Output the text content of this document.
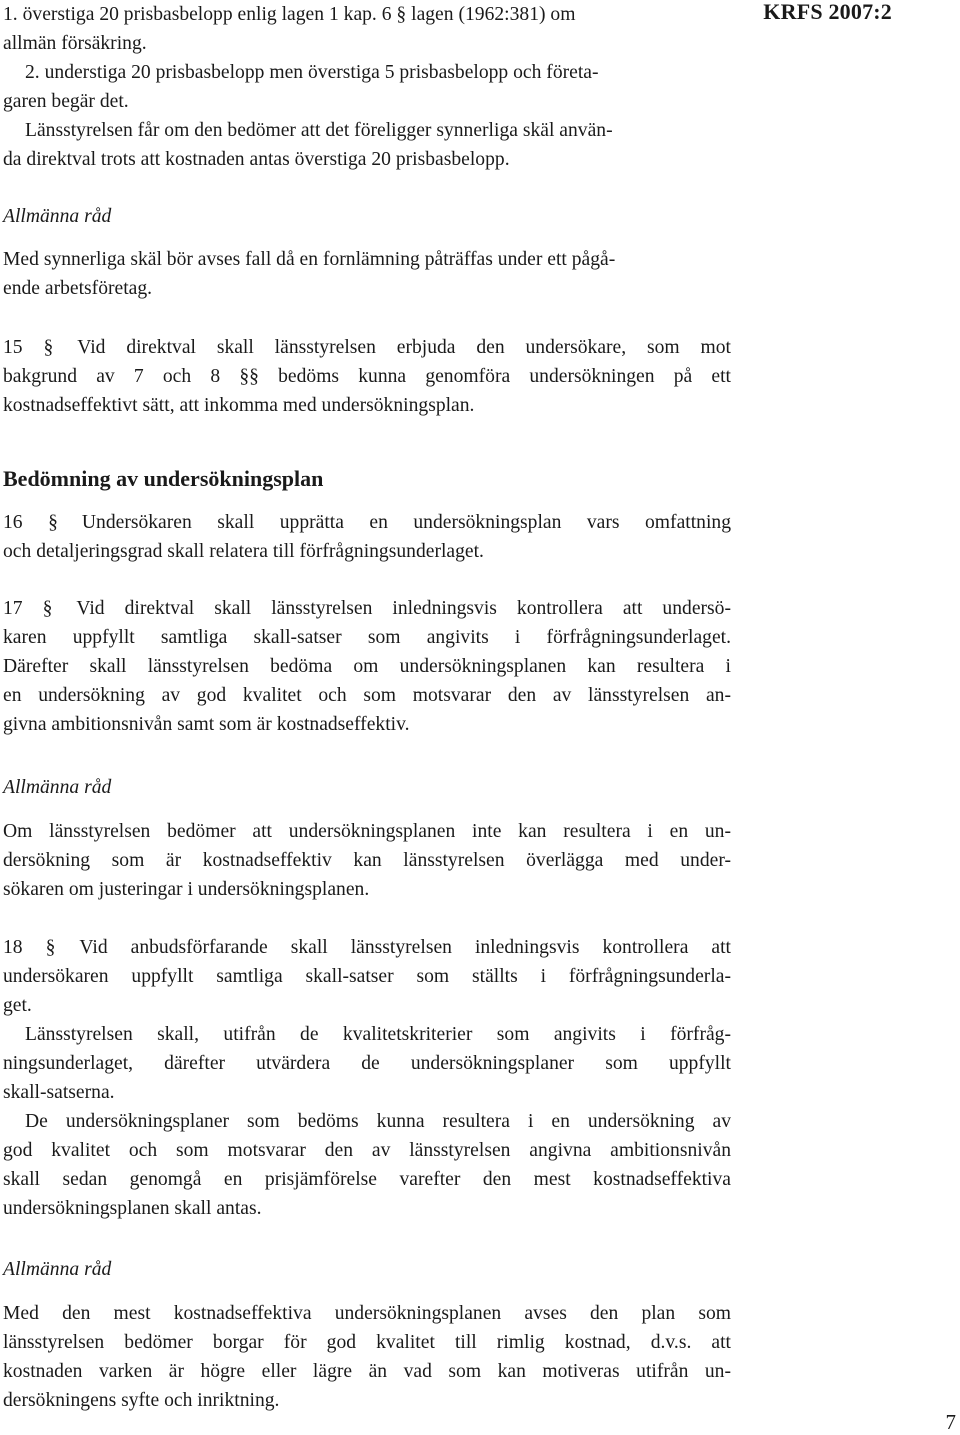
KRFS 2007:2
1. överstiga 20 prisbasbelopp enlig lagen 1 kap. 6 § lagen (1962:381) om
allmän försäkring.
2. understiga 20 prisbasbelopp men överstiga 5 prisbasbelopp och företa-
garen begär det.
Länsstyrelsen får om den bedömer att det föreligger synnerliga skäl använ-
da direktval trots att kostnaden antas överstiga 20 prisbasbelopp.
Allmänna råd
Med synnerliga skäl bör avses fall då en fornlämning påträffas under ett pågå-
ende arbetsföretag.
15 § Vid direktval skall länsstyrelsen erbjuda den undersökare, som mot
bakgrund av 7 och 8 §§ bedöms kunna genomföra undersökningen på ett
kostnadseffektivt sätt, att inkomma med undersökningsplan.
Bedömning av undersökningsplan
16 § Undersökaren skall upprätta en undersökningsplan vars omfattning
och detaljeringsgrad skall relatera till förfrågningsunderlaget.
17 § Vid direktval skall länsstyrelsen inledningsvis kontrollera att undersö-
karen uppfyllt samtliga skall-satser som angivits i förfrågningsunderlaget.
Därefter skall länsstyrelsen bedöma om undersökningsplanen kan resultera i
en undersökning av god kvalitet och som motsvarar den av länsstyrelsen an-
givna ambitionsnivån samt som är kostnadseffektiv.
Allmänna råd
Om länsstyrelsen bedömer att undersökningsplanen inte kan resultera i en un-
dersökning som är kostnadseffektiv kan länsstyrelsen överlägga med under-
sökaren om justeringar i undersökningsplanen.
18 § Vid anbudsförfarande skall länsstyrelsen inledningsvis kontrollera att
undersökaren uppfyllt samtliga skall-satser som ställts i förfrågningsunderla-
get.
Länsstyrelsen skall, utifrån de kvalitetskriterier som angivits i förfråg-
ningsunderlaget, därefter utvärdera de undersökningsplaner som uppfyllt
skall-satserna.
De undersökningsplaner som bedöms kunna resultera i en undersökning av
god kvalitet och som motsvarar den av länsstyrelsen angivna ambitionsnivån
skall sedan genomgå en prisjämförelse varefter den mest kostnadseffektiva
undersökningsplanen skall antas.
Allmänna råd
Med den mest kostnadseffektiva undersökningsplanen avses den plan som
länsstyrelsen bedömer borgar för god kvalitet till rimlig kostnad, d.v.s. att
kostnaden varken är högre eller lägre än vad som kan motiveras utifrån un-
dersökningens syfte och inriktning.
7
